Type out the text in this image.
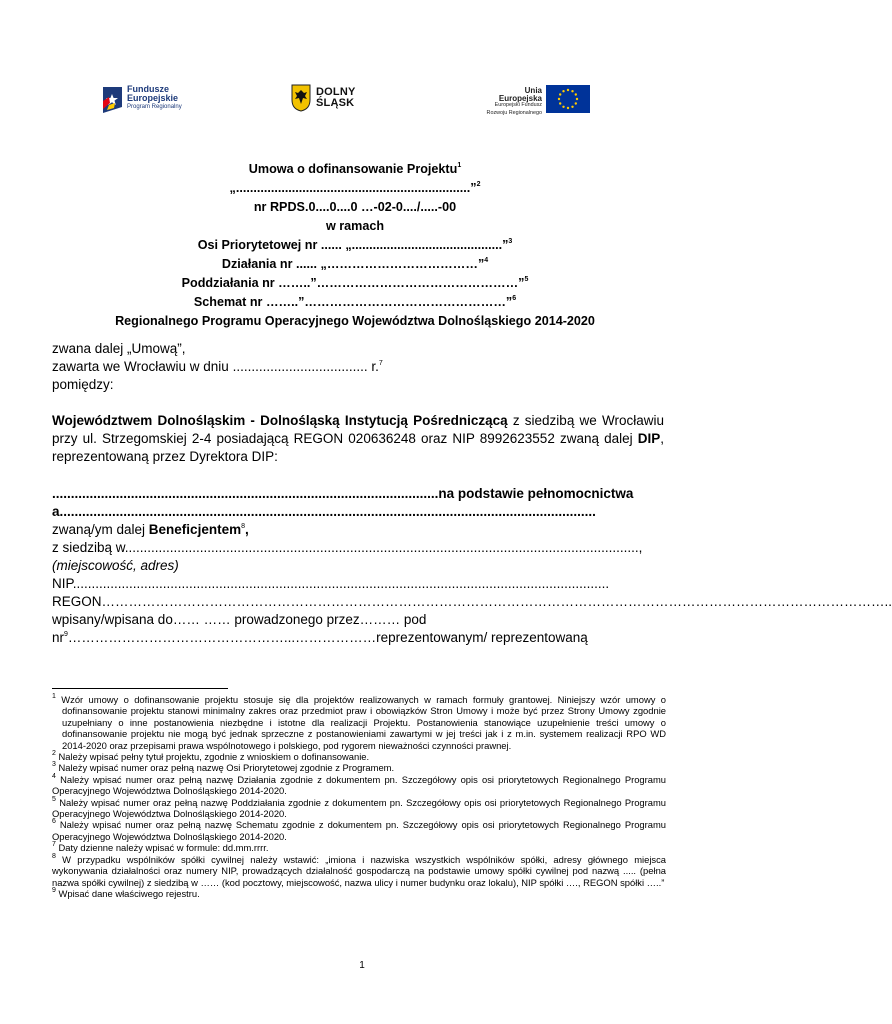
Fundusze
Europejskie
Program Regionalny
DOLNY
ŚLĄSK
Unia Europejska
Europejski Fundusz
Rozwoju Regionalnego
Umowa o dofinansowanie Projektu$^1$
„...................................................................”$^2$
nr RPDS.0....0....0 …-02-0..../.....-00
w ramach
Osi Priorytetowej nr ...... „...........................................”$^3$
Działania nr ...... „………………………………”$^4$
Poddziałania nr ……..”…………………………………………”$^5$
Schemat nr ……..”…………………………………………”$^6$
Regionalnego Programu Operacyjnego Województwa Dolnośląskiego 2014-2020
zwana dalej „Umową”,
zawarta we Wrocławiu w dniu .................................... r.$^7$
pomiędzy:
Województwem Dolnośląskim - Dolnośląską Instytucją Pośredniczącą z siedzibą we Wrocławiu przy ul. Strzegomskiej 2-4 posiadającą REGON 020636248 oraz NIP 8992623552 zwaną dalej DIP, reprezentowaną przez Dyrektora DIP:
.......................................................................................................na podstawie pełnomocnictwa
a...............................................................................................................................................
zwaną/ym dalej Beneficjentem$^8$,
z siedzibą w.........................................................................................................................................,
(miejscowość, adres)
NIP...............................................................................................................................................
REGON…………………………………………………………………………………………………………………………………………………………..
wpisany/wpisana do…… …… prowadzonego przez……… pod
$nr^9\dots\dots\dots\dots\dots\dots\dots\dots\dots\dots\dots\dots\dots\dots\dots\dots...\dots\dots\dots\dots\dots\dots reprezentowanym/$ reprezentowaną

$^1$ Wzór umowy o dofinansowanie projektu stosuje się dla projektów realizowanych w ramach formuły grantowej. Niniejszy wzór umowy o dofinansowanie projektu stanowi minimalny zakres oraz przedmiot praw i obowiązków Stron Umowy i może być przez Strony Umowy zgodnie uzupełniany o inne postanowienia niezbędne i istotne dla realizacji Projektu. Postanowienia stanowiące uzupełnienie treści umowy o dofinansowanie projektu nie mogą być jednak sprzeczne z postanowieniami zawartymi w jej treści jak i z m.in. systemem realizacji RPO WD 2014-2020 oraz przepisami prawa wspólnotowego i polskiego, pod rygorem nieważności czynności prawnej.

$^2$ Należy wpisać pełny tytuł projektu, zgodnie z wnioskiem o dofinansowanie.

$^3$ Należy wpisać numer oraz pełną nazwę Osi Priorytetowej zgodnie z Programem.

$^4$ Należy wpisać numer oraz pełną nazwę Działania zgodnie z dokumentem pn. Szczegółowy opis osi priorytetowych Regionalnego Programu Operacyjnego Województwa Dolnośląskiego 2014-2020.

$^5$ Należy wpisać numer oraz pełną nazwę Poddziałania zgodnie z dokumentem pn. Szczegółowy opis osi priorytetowych Regionalnego Programu Operacyjnego Województwa Dolnośląskiego 2014-2020.

$^6$ Należy wpisać numer oraz pełną nazwę Schematu zgodnie z dokumentem pn. Szczegółowy opis osi priorytetowych Regionalnego Programu Operacyjnego Województwa Dolnośląskiego 2014-2020.

$^7$ Daty dzienne należy wpisać w formule: dd.mm.rrrr.

$^8$ W przypadku wspólników spółki cywilnej należy wstawić: „imiona i nazwiska wszystkich wspólników spółki, adresy głównego miejsca wykonywania działalności oraz numery NIP, prowadzących działalność gospodarczą na podstawie umowy spółki cywilnej pod nazwą ..... (pełna nazwa spółki cywilnej) z siedzibą w …… (kod pocztowy, miejscowość, nazwa ulicy i numer budynku oraz lokalu), NIP spółki …., REGON spółki …..”

$^9$ Wpisać dane właściwego rejestru.

1
